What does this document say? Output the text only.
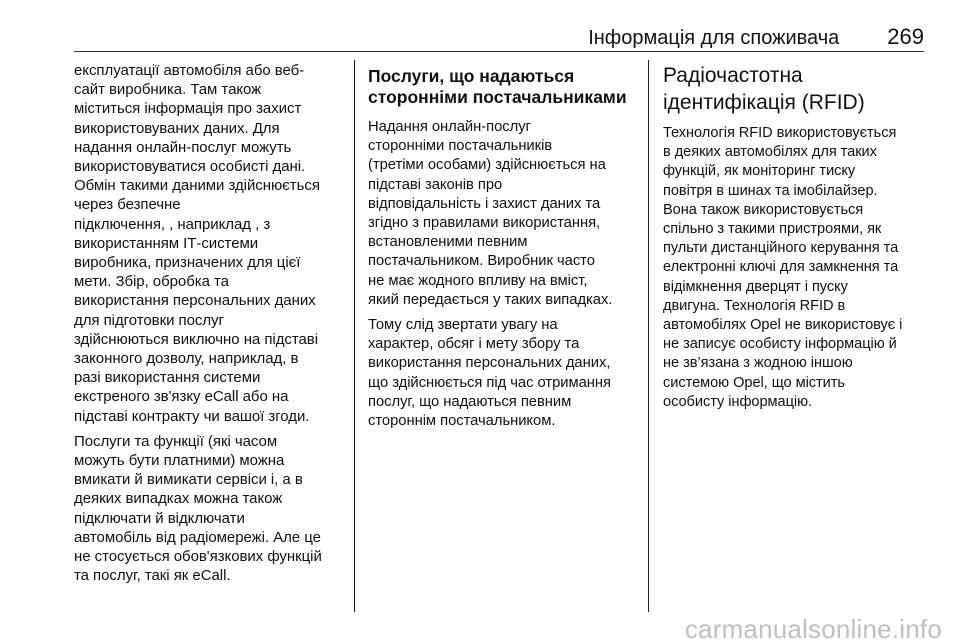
Інформація для споживача 269

експлуатації автомобіля або веб-
сайт виробника. Там також
міститься інформація про захист
використовуваних даних. Для
надання онлайн-послуг можуть
використовуватися особисті дані.
Обмін такими даними здійснюється
через безпечне
підключення, , наприклад , з
використанням ІТ-системи
виробника, призначених для цієї
мети. Збір, обробка та
використання персональних даних
для підготовки послуг
здійснюються виключно на підставі
законного дозволу, наприклад, в
разі використання системи
екстреного зв'язку eCall або на
підставі контракту чи вашої згоди.

Послуги та функції (які часом
можуть бути платними) можна
вмикати й вимикати сервіси і, а в
деяких випадках можна також
підключати й відключати
автомобіль від радіомережі. Але це
не стосується обов'язкових функцій
та послуг, такі як eCall.

Послуги, що надаються
сторонніми постачальниками

Надання онлайн-послуг
сторонніми постачальників
(третіми особами) здійснюється на
підставі законів про
відповідальність і захист даних та
згідно з правилами використання,
встановленими певним
постачальником. Виробник часто
не має жодного впливу на вміст,
який передається у таких випадках.

Тому слід звертати увагу на
характер, обсяг і мету збору та
використання персональних даних,
що здійснюється під час отримання
послуг, що надаються певним
стороннім постачальником.

Радіочастотна
ідентифікація (RFID)

Технологія RFID використовується
в деяких автомобілях для таких
функцій, як моніторинг тиску
повітря в шинах та імобілайзер.
Вона також використовується
спільно з такими пристроями, як
пульти дистанційного керування та
електронні ключі для замкнення та
відімкнення дверцят і пуску
двигуна. Технологія RFID в
автомобілях Opel не використовує і
не записує особисту інформацію й
не зв’язана з жодною іншою
системою Opel, що містить
особисту інформацію.

carmanualsonline.info
